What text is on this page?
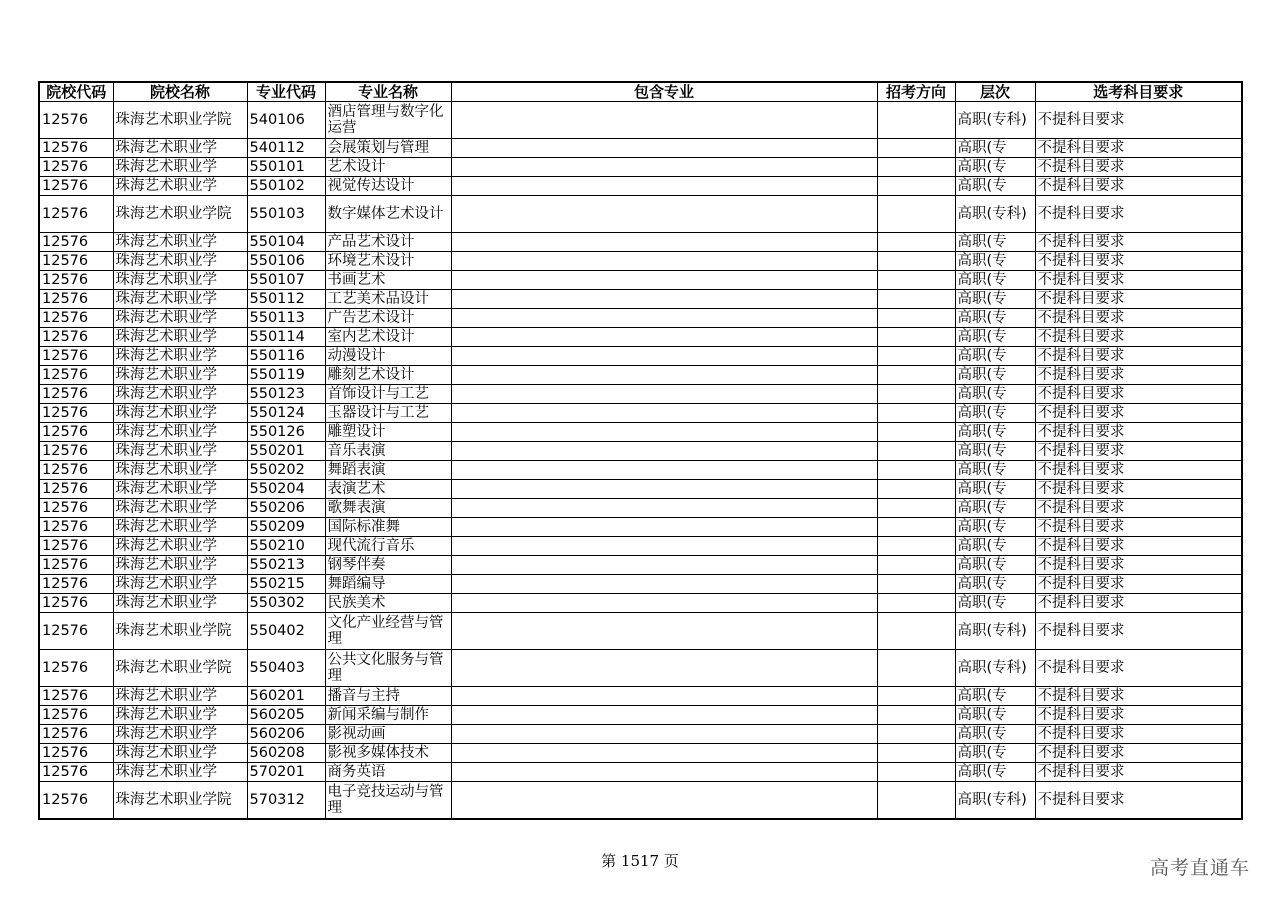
院校代码	院校名称	专业代码	专业名称	包含专业	招考方向	层次	选考科目要求
12576	珠海艺术职业学院	540106	酒店管理与数字化运营			高职(专科)	不提科目要求
12576	珠海艺术职业学	540112	会展策划与管理			高职(专	不提科目要求
12576	珠海艺术职业学	550101	艺术设计			高职(专	不提科目要求
12576	珠海艺术职业学	550102	视觉传达设计			高职(专	不提科目要求
12576	珠海艺术职业学院	550103	数字媒体艺术设计			高职(专科)	不提科目要求
12576	珠海艺术职业学	550104	产品艺术设计			高职(专	不提科目要求
12576	珠海艺术职业学	550106	环境艺术设计			高职(专	不提科目要求
12576	珠海艺术职业学	550107	书画艺术			高职(专	不提科目要求
12576	珠海艺术职业学	550112	工艺美术品设计			高职(专	不提科目要求
12576	珠海艺术职业学	550113	广告艺术设计			高职(专	不提科目要求
12576	珠海艺术职业学	550114	室内艺术设计			高职(专	不提科目要求
12576	珠海艺术职业学	550116	动漫设计			高职(专	不提科目要求
12576	珠海艺术职业学	550119	雕刻艺术设计			高职(专	不提科目要求
12576	珠海艺术职业学	550123	首饰设计与工艺			高职(专	不提科目要求
12576	珠海艺术职业学	550124	玉器设计与工艺			高职(专	不提科目要求
12576	珠海艺术职业学	550126	雕塑设计			高职(专	不提科目要求
12576	珠海艺术职业学	550201	音乐表演			高职(专	不提科目要求
12576	珠海艺术职业学	550202	舞蹈表演			高职(专	不提科目要求
12576	珠海艺术职业学	550204	表演艺术			高职(专	不提科目要求
12576	珠海艺术职业学	550206	歌舞表演			高职(专	不提科目要求
12576	珠海艺术职业学	550209	国际标准舞			高职(专	不提科目要求
12576	珠海艺术职业学	550210	现代流行音乐			高职(专	不提科目要求
12576	珠海艺术职业学	550213	钢琴伴奏			高职(专	不提科目要求
12576	珠海艺术职业学	550215	舞蹈编导			高职(专	不提科目要求
12576	珠海艺术职业学	550302	民族美术			高职(专	不提科目要求
12576	珠海艺术职业学院	550402	文化产业经营与管理			高职(专科)	不提科目要求
12576	珠海艺术职业学院	550403	公共文化服务与管理			高职(专科)	不提科目要求
12576	珠海艺术职业学	560201	播音与主持			高职(专	不提科目要求
12576	珠海艺术职业学	560205	新闻采编与制作			高职(专	不提科目要求
12576	珠海艺术职业学	560206	影视动画			高职(专	不提科目要求
12576	珠海艺术职业学	560208	影视多媒体技术			高职(专	不提科目要求
12576	珠海艺术职业学	570201	商务英语			高职(专	不提科目要求
12576	珠海艺术职业学院	570312	电子竞技运动与管理			高职(专科)	不提科目要求
第 1517 页	高考直通车
